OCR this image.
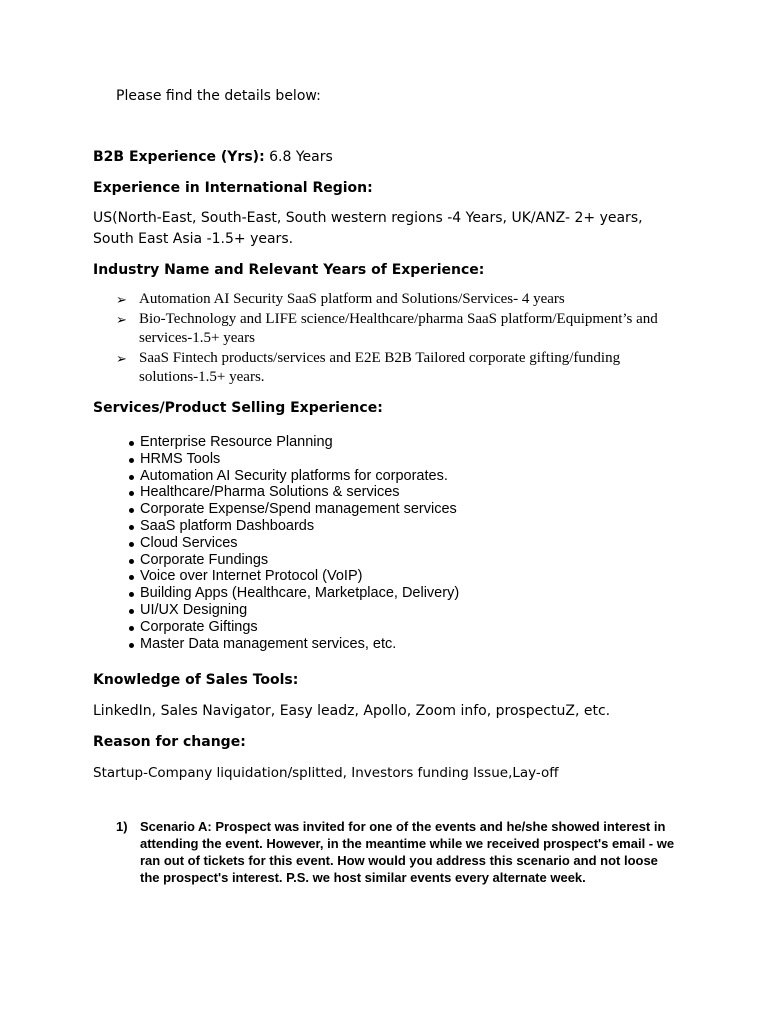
Please find the details below:
B2B Experience (Yrs): 6.8 Years
Experience in International Region:
US(North-East, South-East, South western regions -4 Years, UK/ANZ- 2+ years, South East Asia -1.5+ years.
Industry Name and Relevant Years of Experience:
➢ Automation AI Security SaaS platform and Solutions/Services- 4 years
➢ Bio-Technology and LIFE science/Healthcare/pharma SaaS platform/Equipment’s and services-1.5+ years
➢ SaaS Fintech products/services and E2E B2B Tailored corporate gifting/funding solutions-1.5+ years.
Services/Product Selling Experience:
Enterprise Resource Planning
HRMS Tools
Automation AI Security platforms for corporates.
Healthcare/Pharma Solutions & services
Corporate Expense/Spend management services
SaaS platform Dashboards
Cloud Services
Corporate Fundings
Voice over Internet Protocol (VoIP)
Building Apps (Healthcare, Marketplace, Delivery)
UI/UX Designing
Corporate Giftings
Master Data management services, etc.
Knowledge of Sales Tools:
LinkedIn, Sales Navigator, Easy leadz, Apollo, Zoom info, prospectuZ, etc.
Reason for change:
Startup-Company liquidation/splitted, Investors funding Issue,Lay-off
1) Scenario A: Prospect was invited for one of the events and he/she showed interest in attending the event. However, in the meantime while we received prospect's email - we ran out of tickets for this event. How would you address this scenario and not loose the prospect's interest. P.S. we host similar events every alternate week.
